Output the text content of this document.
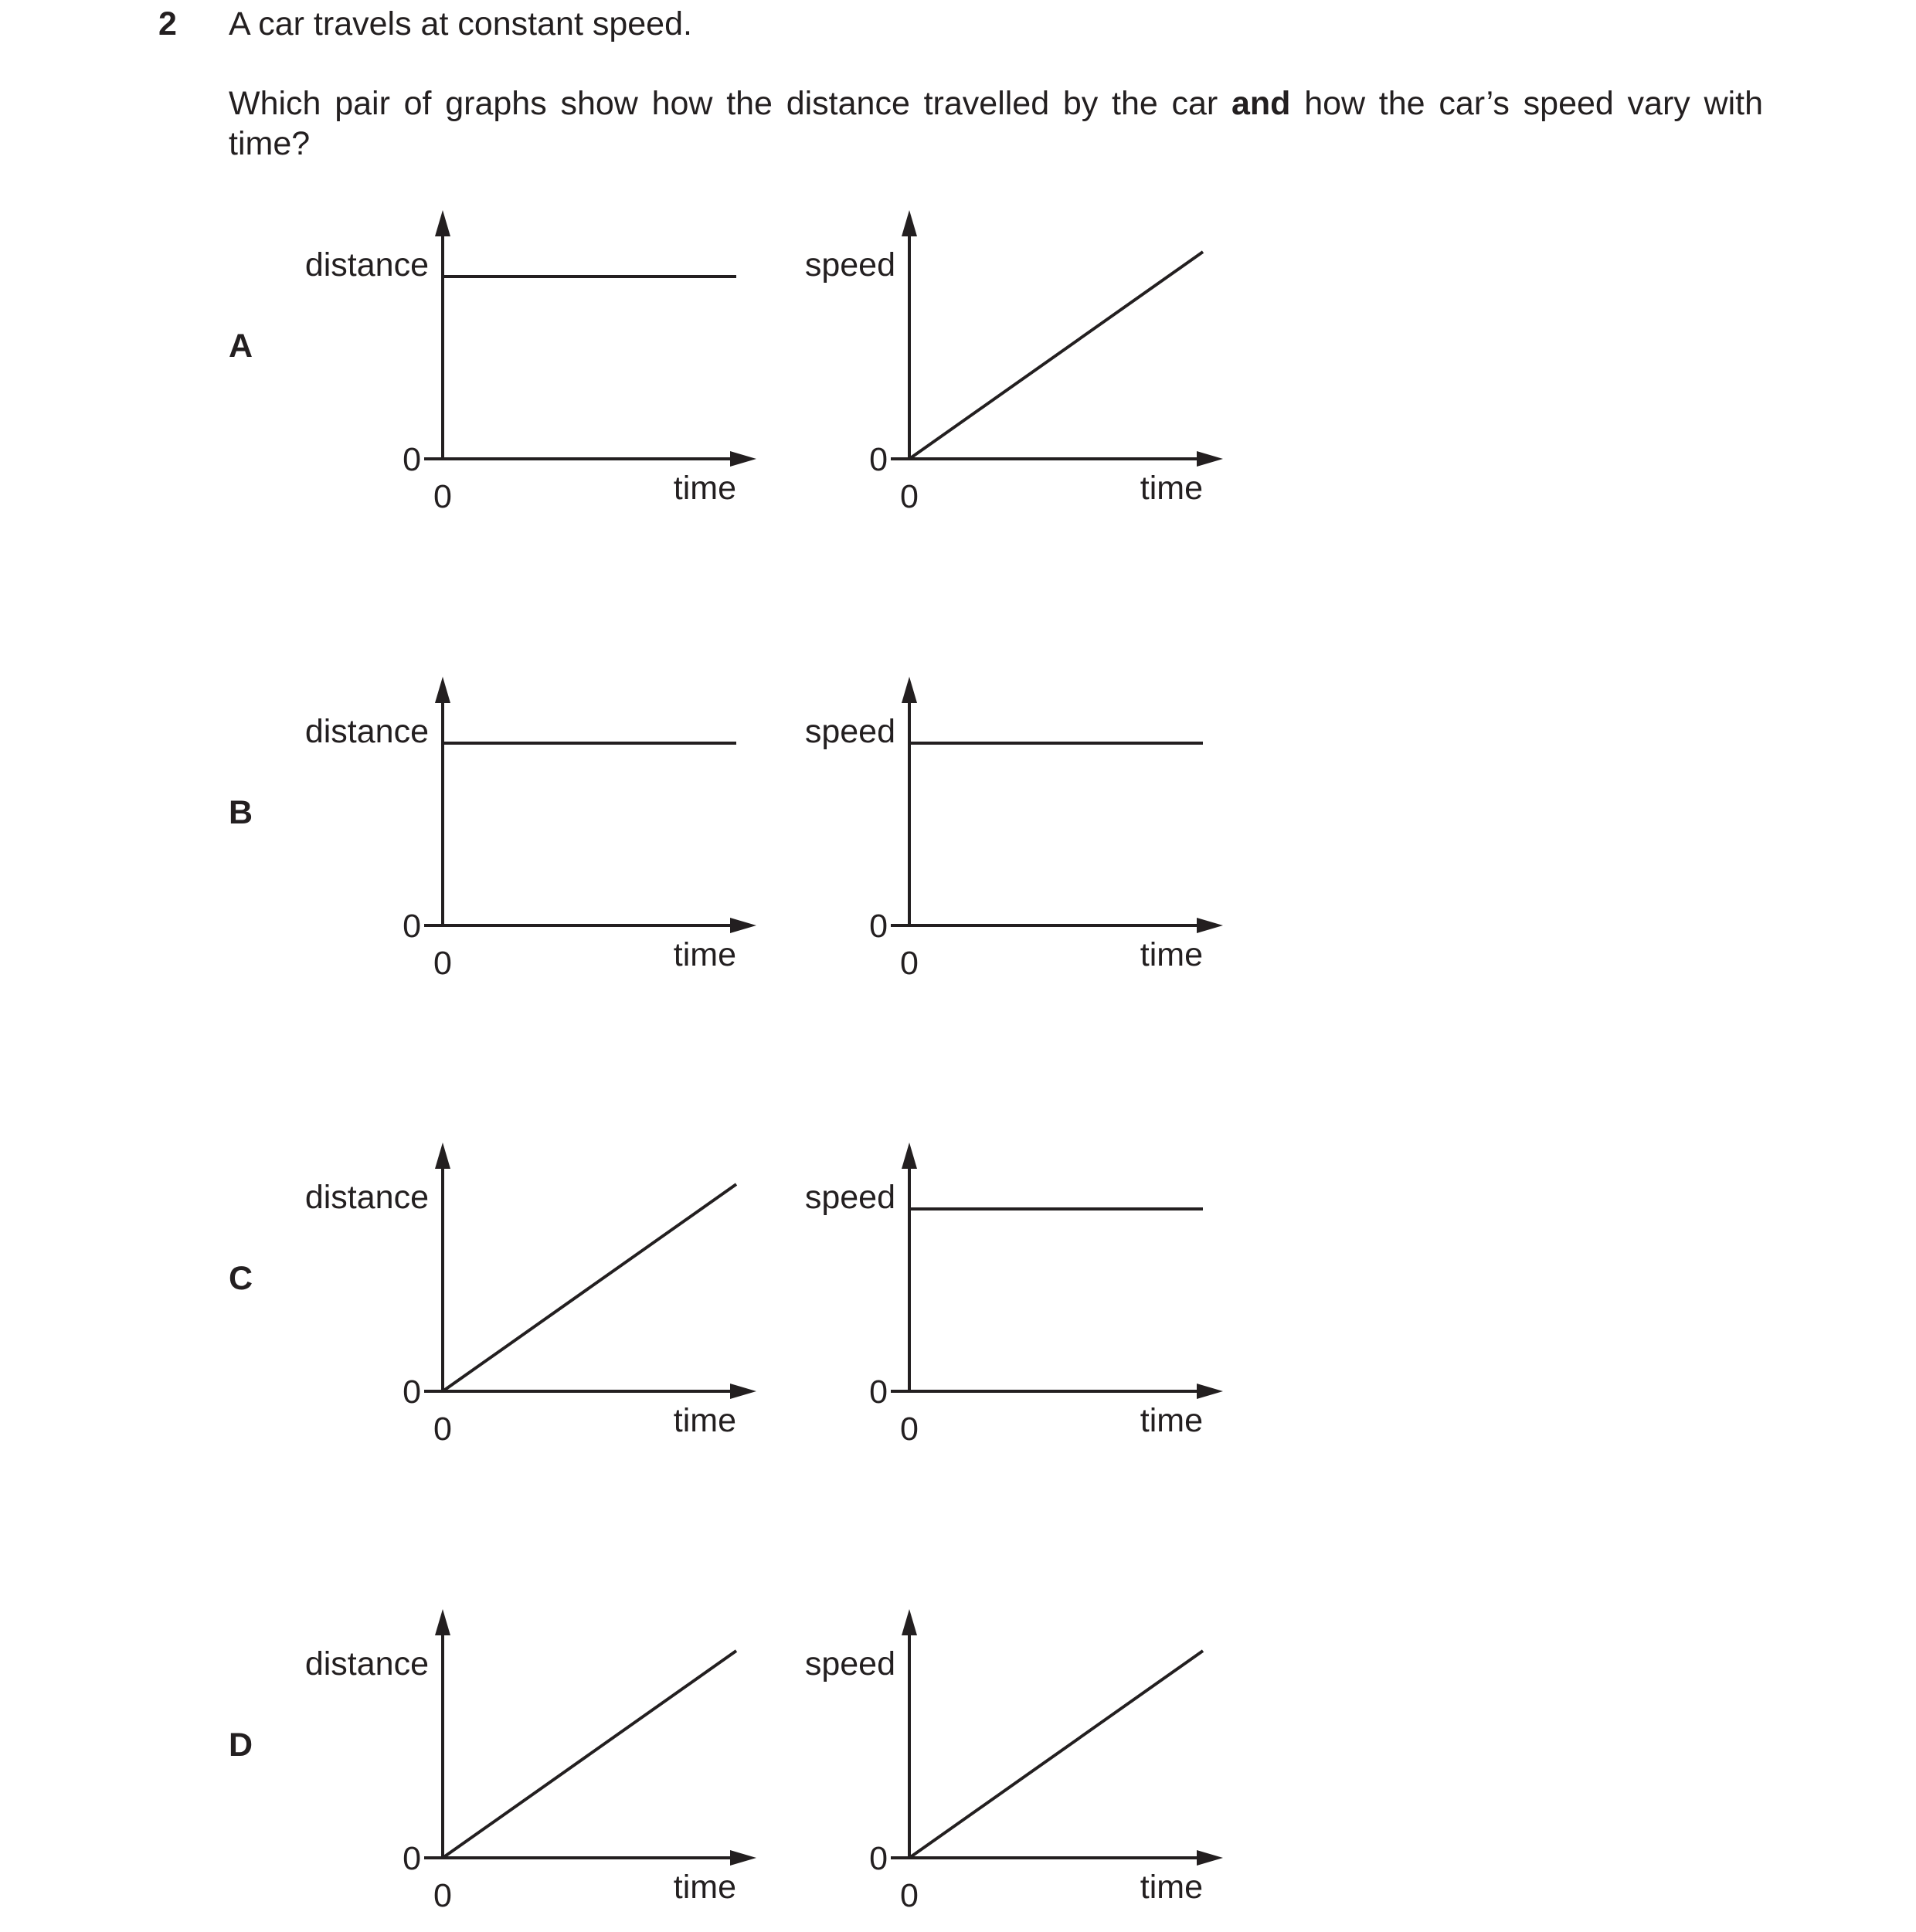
2 A car travels at constant speed.
Which pair of graphs show how the distance travelled by the car and how the car’s speed vary with time?
A
distance
0
0	time
speed
0
0	time
B
distance
0
0	time
speed
0
0	time
C
distance
0
0	time
speed
0
0	time
D
distance
0
0	time
speed
0
0	time
